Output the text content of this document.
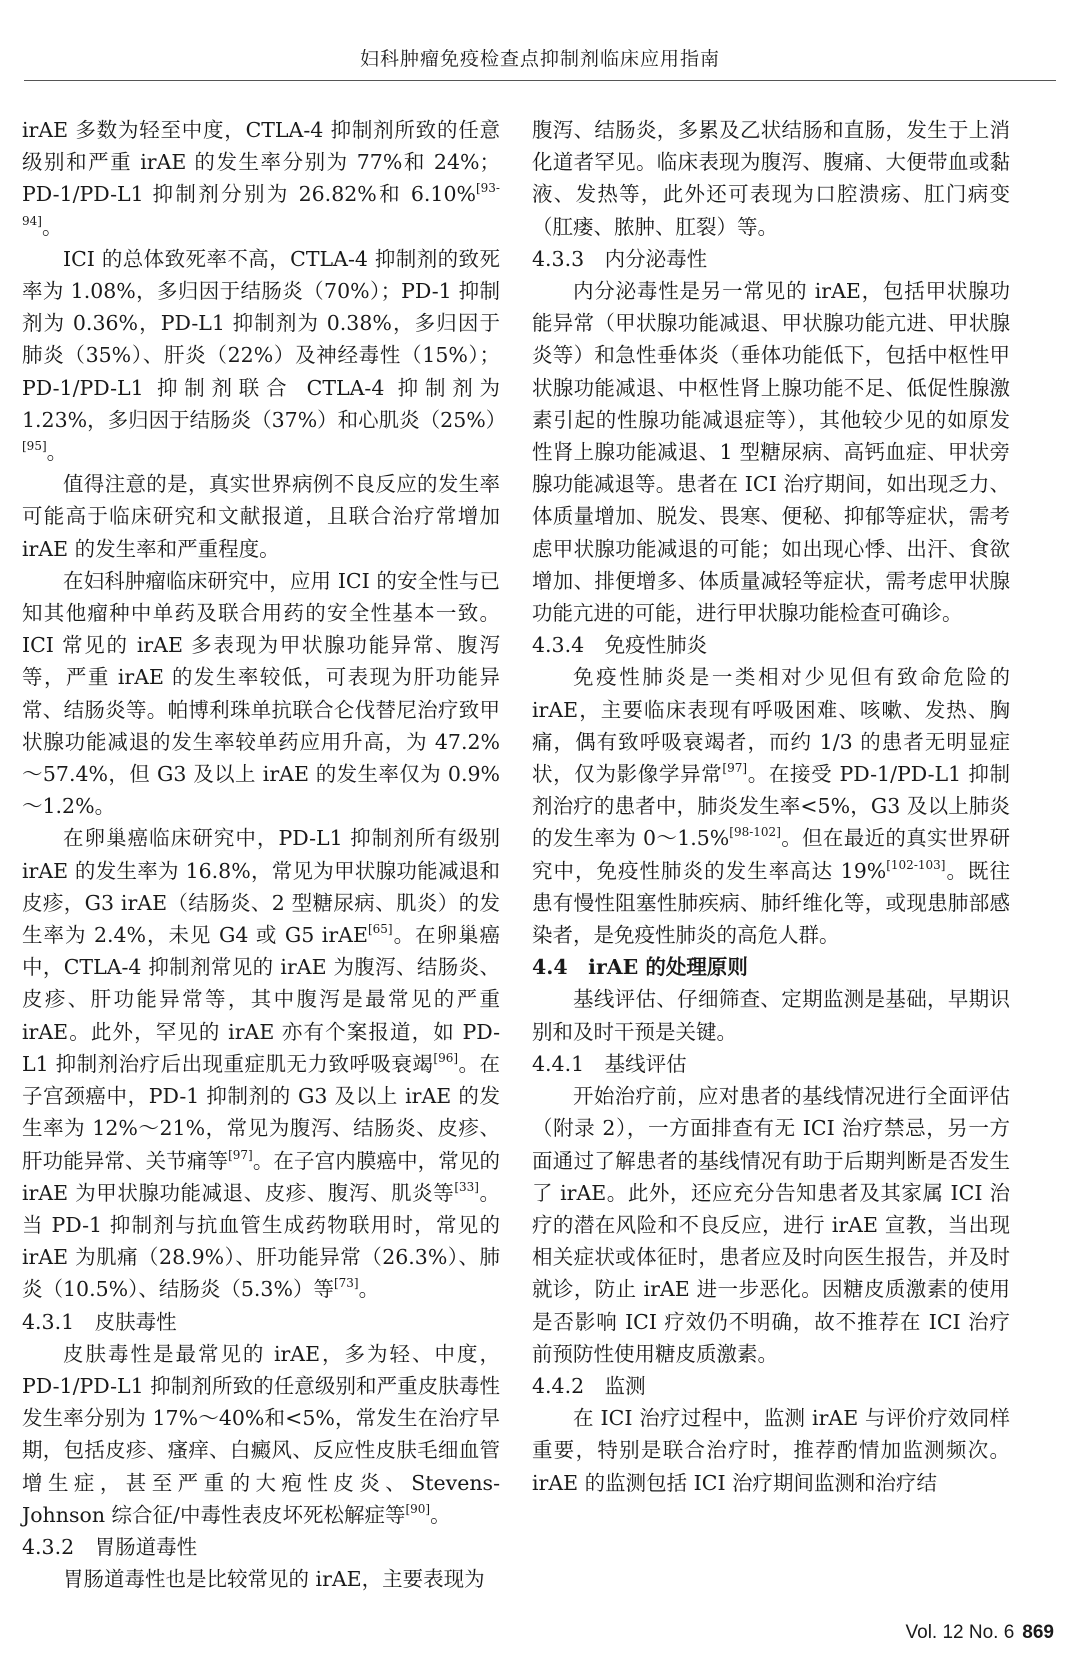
妇科肿瘤免疫检查点抑制剂临床应用指南

irAE 多数为轻至中度，CTLA-4 抑制剂所致的任意级别和严重 irAE 的发生率分别为 77%和 24%；PD-1/PD-L1 抑制剂分别为 26.82%和 6.10%[93-94]。

ICI 的总体致死率不高，CTLA-4 抑制剂的致死率为 1.08%，多归因于结肠炎（70%）；PD-1 抑制剂为 0.36%，PD-L1 抑制剂为 0.38%，多归因于肺炎（35%）、肝炎（22%）及神经毒性（15%）；PD-1/PD-L1 抑制剂联合 CTLA-4 抑制剂为 1.23%，多归因于结肠炎（37%）和心肌炎（25%）[95]。

值得注意的是，真实世界病例不良反应的发生率可能高于临床研究和文献报道，且联合治疗常增加 irAE 的发生率和严重程度。

在妇科肿瘤临床研究中，应用 ICI 的安全性与已知其他瘤种中单药及联合用药的安全性基本一致。ICI 常见的 irAE 多表现为甲状腺功能异常、腹泻等，严重 irAE 的发生率较低，可表现为肝功能异常、结肠炎等。帕博利珠单抗联合仑伐替尼治疗致甲状腺功能减退的发生率较单药应用升高，为 47.2%～57.4%，但 G3 及以上 irAE 的发生率仅为 0.9%～1.2%。

在卵巢癌临床研究中，PD-L1 抑制剂所有级别 irAE 的发生率为 16.8%，常见为甲状腺功能减退和皮疹，G3 irAE（结肠炎、2 型糖尿病、肌炎）的发生率为 2.4%，未见 G4 或 G5 irAE[65]。在卵巢癌中，CTLA-4 抑制剂常见的 irAE 为腹泻、结肠炎、皮疹、肝功能异常等，其中腹泻是最常见的严重 irAE。此外，罕见的 irAE 亦有个案报道，如 PD-L1 抑制剂治疗后出现重症肌无力致呼吸衰竭[96]。在子宫颈癌中，PD-1 抑制剂的 G3 及以上 irAE 的发生率为 12%～21%，常见为腹泻、结肠炎、皮疹、肝功能异常、关节痛等[97]。在子宫内膜癌中，常见的 irAE 为甲状腺功能减退、皮疹、腹泻、肌炎等[33]。当 PD-1 抑制剂与抗血管生成药物联用时，常见的 irAE 为肌痛（28.9%）、肝功能异常（26.3%）、肺炎（10.5%）、结肠炎（5.3%）等[73]。

4.3.1　皮肤毒性

皮肤毒性是最常见的 irAE，多为轻、中度，PD-1/PD-L1 抑制剂所致的任意级别和严重皮肤毒性发生率分别为 17%～40%和<5%，常发生在治疗早期，包括皮疹、瘙痒、白癜风、反应性皮肤毛细血管增生症，甚至严重的大疱性皮炎、Stevens-Johnson 综合征/中毒性表皮坏死松解症等[90]。

4.3.2　胃肠道毒性

胃肠道毒性也是比较常见的 irAE，主要表现为

腹泻、结肠炎，多累及乙状结肠和直肠，发生于上消化道者罕见。临床表现为腹泻、腹痛、大便带血或黏液、发热等，此外还可表现为口腔溃疡、肛门病变（肛瘘、脓肿、肛裂）等。

4.3.3　内分泌毒性

内分泌毒性是另一常见的 irAE，包括甲状腺功能异常（甲状腺功能减退、甲状腺功能亢进、甲状腺炎等）和急性垂体炎（垂体功能低下，包括中枢性甲状腺功能减退、中枢性肾上腺功能不足、低促性腺激素引起的性腺功能减退症等），其他较少见的如原发性肾上腺功能减退、1 型糖尿病、高钙血症、甲状旁腺功能减退等。患者在 ICI 治疗期间，如出现乏力、体质量增加、脱发、畏寒、便秘、抑郁等症状，需考虑甲状腺功能减退的可能；如出现心悸、出汗、食欲增加、排便增多、体质量减轻等症状，需考虑甲状腺功能亢进的可能，进行甲状腺功能检查可确诊。

4.3.4　免疫性肺炎

免疫性肺炎是一类相对少见但有致命危险的 irAE，主要临床表现有呼吸困难、咳嗽、发热、胸痛，偶有致呼吸衰竭者，而约 1/3 的患者无明显症状，仅为影像学异常[97]。在接受 PD-1/PD-L1 抑制剂治疗的患者中，肺炎发生率<5%，G3 及以上肺炎的发生率为 0～1.5%[98-102]。但在最近的真实世界研究中，免疫性肺炎的发生率高达 19%[102-103]。既往患有慢性阻塞性肺疾病、肺纤维化等，或现患肺部感染者，是免疫性肺炎的高危人群。

4.4　irAE 的处理原则

基线评估、仔细筛查、定期监测是基础，早期识别和及时干预是关键。

4.4.1　基线评估

开始治疗前，应对患者的基线情况进行全面评估（附录 2），一方面排查有无 ICI 治疗禁忌，另一方面通过了解患者的基线情况有助于后期判断是否发生了 irAE。此外，还应充分告知患者及其家属 ICI 治疗的潜在风险和不良反应，进行 irAE 宣教，当出现相关症状或体征时，患者应及时向医生报告，并及时就诊，防止 irAE 进一步恶化。因糖皮质激素的使用是否影响 ICI 疗效仍不明确，故不推荐在 ICI 治疗前预防性使用糖皮质激素。

4.4.2　监测

在 ICI 治疗过程中，监测 irAE 与评价疗效同样重要，特别是联合治疗时，推荐酌情加监测频次。irAE 的监测包括 ICI 治疗期间监测和治疗结

Vol. 12 No. 6 869
